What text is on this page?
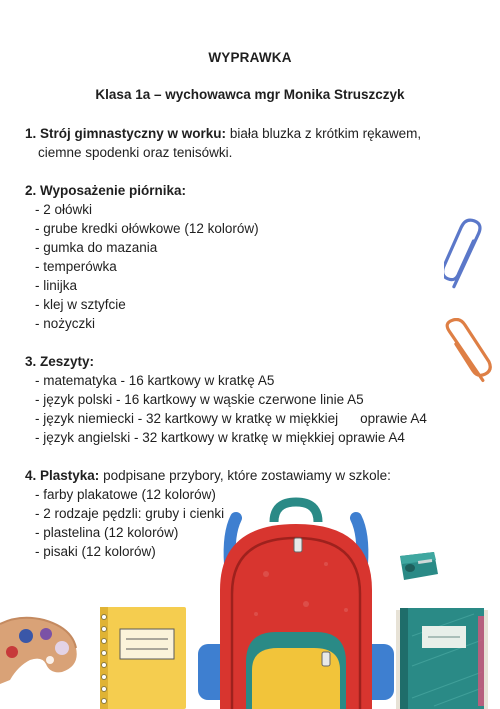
WYPRAWKA
Klasa 1a – wychowawca mgr Monika Struszczyk
1. Strój gimnastyczny w worku: biała bluzka z krótkim rękawem,
ciemne spodenki oraz tenisówki.
2. Wyposażenie piórnika:
- 2 ołówki
- grube kredki ołówkowe (12 kolorów)
- gumka do mazania
- temperówka
- linijka
- klej w sztyfcie
- nożyczki
3. Zeszyty:
- matematyka - 16 kartkowy w kratkę A5
- język polski - 16 kartkowy w wąskie czerwone linie A5
- język niemiecki - 32 kartkowy w kratkę w miękkiej oprawie A4
- język angielski - 32 kartkowy w kratkę w miękkiej oprawie A4
4. Plastyka: podpisane przybory, które zostawiamy w szkole:
- farby plakatowe (12 kolorów)
- 2 rodzaje pędzli: gruby i cienki
- plastelina (12 kolorów)
- pisaki (12 kolorów)
